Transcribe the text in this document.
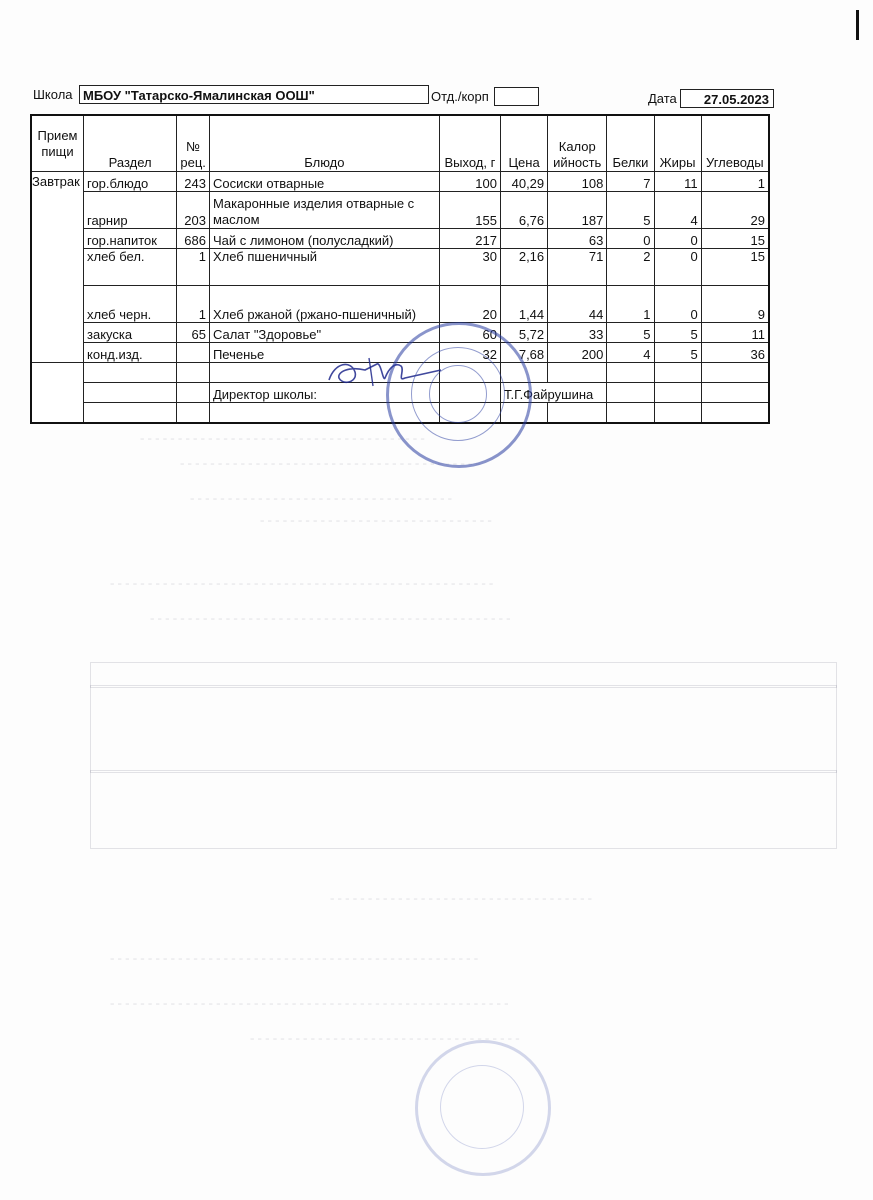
- - - - - - - - - - - - - - - - - - - - - - - - - - - - - - - - - - - - - -
- - - - - - - - - - - - - - - - - - - - - - - - - - - - - - - - - - - - - - - -
- - - - - - - - - - - - - - - - - - - - - - - - - - - - - - - - - - -
- - - - - - - - - - - - - - - - - - - - - - - - - - - - - - -
- - - - - - - - - - - - - - - - - - - - - - - - - - - - - - - - - - - - - - - - - - - - - - - - - - -
- - - - - - - - - - - - - - - - - - - - - - - - - - - - - - - - - - - - - - - - - - - - - - - -
- - - - - - - - - - - - - - - - - - - - - - - - - - - - - - - - - - -
- - - - - - - - - - - - - - - - - - - - - - - - - - - - - - - - - - - - - - - - - - - - - - - - -
- - - - - - - - - - - - - - - - - - - - - - - - - - - - - - - - - - - - - - - - - - - - - - - - - - - - -
- - - - - - - - - - - - - - - - - - - - - - - - - - - - - - - - - - - -
Школа МБОУ "Татарско-Ямалинская ООШ"	Отд./корп	Дата	27.05.2023
Прием пищи	Раздел	№ рец.	Блюдо	Выход, г	Цена	Калор ийность	Белки	Жиры	Углеводы
Завтрак	гор.блюдо	243	Сосиски отварные	100	40,29	108	7	11	1
	гарнир	203	Макаронные изделия отварные с маслом	155	6,76	187	5	4	29
	гор.напиток	686	Чай с лимоном (полусладкий)	217		63	0	0	15
	хлеб бел.	1	Хлеб пшеничный	30	2,16	71	2	0	15
	хлеб черн.	1	Хлеб ржаной (ржано-пшеничный)	20	1,44	44	1	0	9
	закуска	65	Салат "Здоровье"	60	5,72	33	5	5	11
	конд.изд.		Печенье	32	7,68	200	4	5	36

			Директор школы:		Т.Г.Файрушина				
